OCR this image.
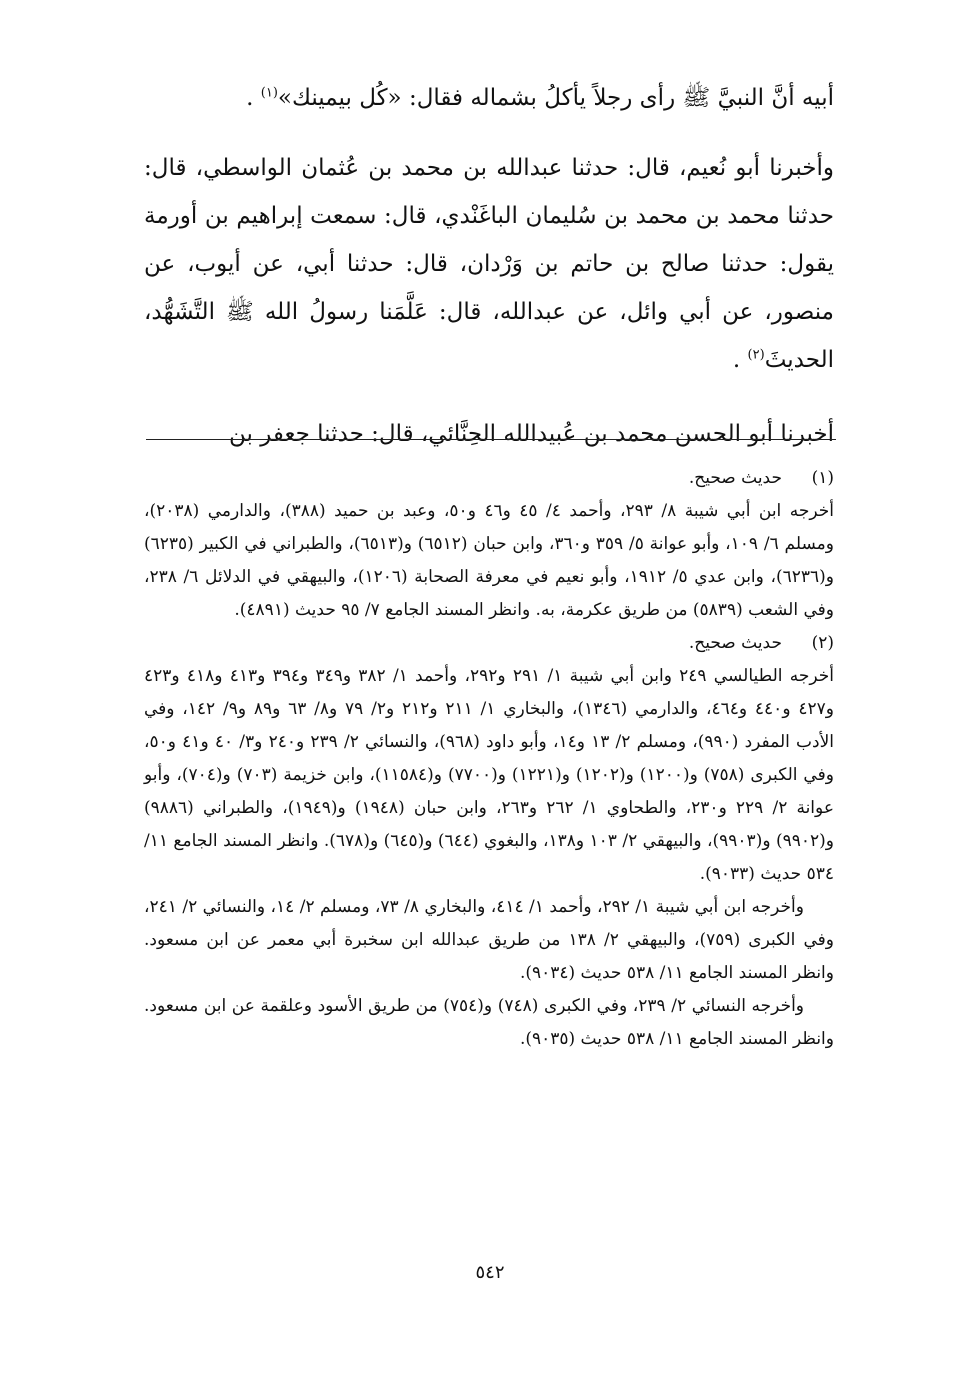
أبيه أنَّ النبيَّ ﷺ رأى رجلاً يأكلُ بشماله فقال: «كُل بيمينك»$^{(١)}$ .

وأخبرنا أبو نُعيم، قال: حدثنا عبدالله بن محمد بن عُثمان الواسطي، قال: حدثنا محمد بن محمد بن سُليمان الباغَنْدي، قال: سمعت إبراهيم بن أورمة يقول: حدثنا صالح بن حاتم بن وَرْدان، قال: حدثنا أبي، عن أيوب، عن منصور، عن أبي وائل، عن عبدالله، قال: عَلَّمَنا رسولُ الله ﷺ التَّشَهُّد، الحديثَ$^{(٢)}$ .

أخبرنا أبو الحسن محمد بن عُبيدالله الحِنَّائي، قال: حدثنا جعفر بن

(١)
حديث صحيح.

أخرجه ابن أبي شيبة ٨/ ٢٩٣، وأحمد ٤/ ٤٥ و٤٦ و٥٠، وعبد بن حميد (٣٨٨)، والدارمي (٢٠٣٨)، ومسلم ٦/ ١٠٩، وأبو عوانة ٥/ ٣٥٩ و٣٦٠، وابن حبان (٦٥١٢) و(٦٥١٣)، والطبراني في الكبير (٦٢٣٥) و(٦٢٣٦)، وابن عدي ٥/ ١٩١٢، وأبو نعيم في معرفة الصحابة (١٢٠٦)، والبيهقي في الدلائل ٦/ ٢٣٨، وفي الشعب (٥٨٣٩) من طريق عكرمة، به. وانظر المسند الجامع ٧/ ٩٥ حديث (٤٨٩١).

(٢)
حديث صحيح.

أخرجه الطيالسي ٢٤٩ وابن أبي شيبة ١/ ٢٩١ و٢٩٢، وأحمد ١/ ٣٨٢ و٣٤٩ و٣٩٤ و٤١٣ و٤١٨ و٤٢٣ و٤٢٧ و٤٤٠ و٤٦٤، والدارمي (١٣٤٦)، والبخاري ١/ ٢١١ و٢١٢ و٢/ ٧٩ و٨/ ٦٣ و٨٩ و٩/ ١٤٢، وفي الأدب المفرد (٩٩٠)، ومسلم ٢/ ١٣ و١٤، وأبو داود (٩٦٨)، والنسائي ٢/ ٢٣٩ و٢٤٠ و٣/ ٤٠ و٤١ و٥٠، وفي الكبرى (٧٥٨) و(١٢٠٠) و(١٢٠٢) و(١٢٢١) و(٧٧٠٠) و(١١٥٨٤)، وابن خزيمة (٧٠٣) و(٧٠٤)، وأبو عوانة ٢/ ٢٢٩ و٢٣٠، والطحاوي ١/ ٢٦٢ و٢٦٣، وابن حبان (١٩٤٨) و(١٩٤٩)، والطبراني (٩٨٨٦) و(٩٩٠٢) و(٩٩٠٣)، والبيهقي ٢/ ١٠٣ و١٣٨، والبغوي (٦٤٤) و(٦٤٥) و(٦٧٨). وانظر المسند الجامع ١١/ ٥٣٤ حديث (٩٠٣٣).

وأخرجه ابن أبي شيبة ١/ ٢٩٢، وأحمد ١/ ٤١٤، والبخاري ٨/ ٧٣، ومسلم ٢/ ١٤، والنسائي ٢/ ٢٤١، وفي الكبرى (٧٥٩)، والبيهقي ٢/ ١٣٨ من طريق عبدالله ابن سخبرة أبي معمر عن ابن مسعود. وانظر المسند الجامع ١١/ ٥٣٨ حديث (٩٠٣٤).

وأخرجه النسائي ٢/ ٢٣٩، وفي الكبرى (٧٤٨) و(٧٥٤) من طريق الأسود وعلقمة عن ابن مسعود. وانظر المسند الجامع ١١/ ٥٣٨ حديث (٩٠٣٥).

٥٤٢
